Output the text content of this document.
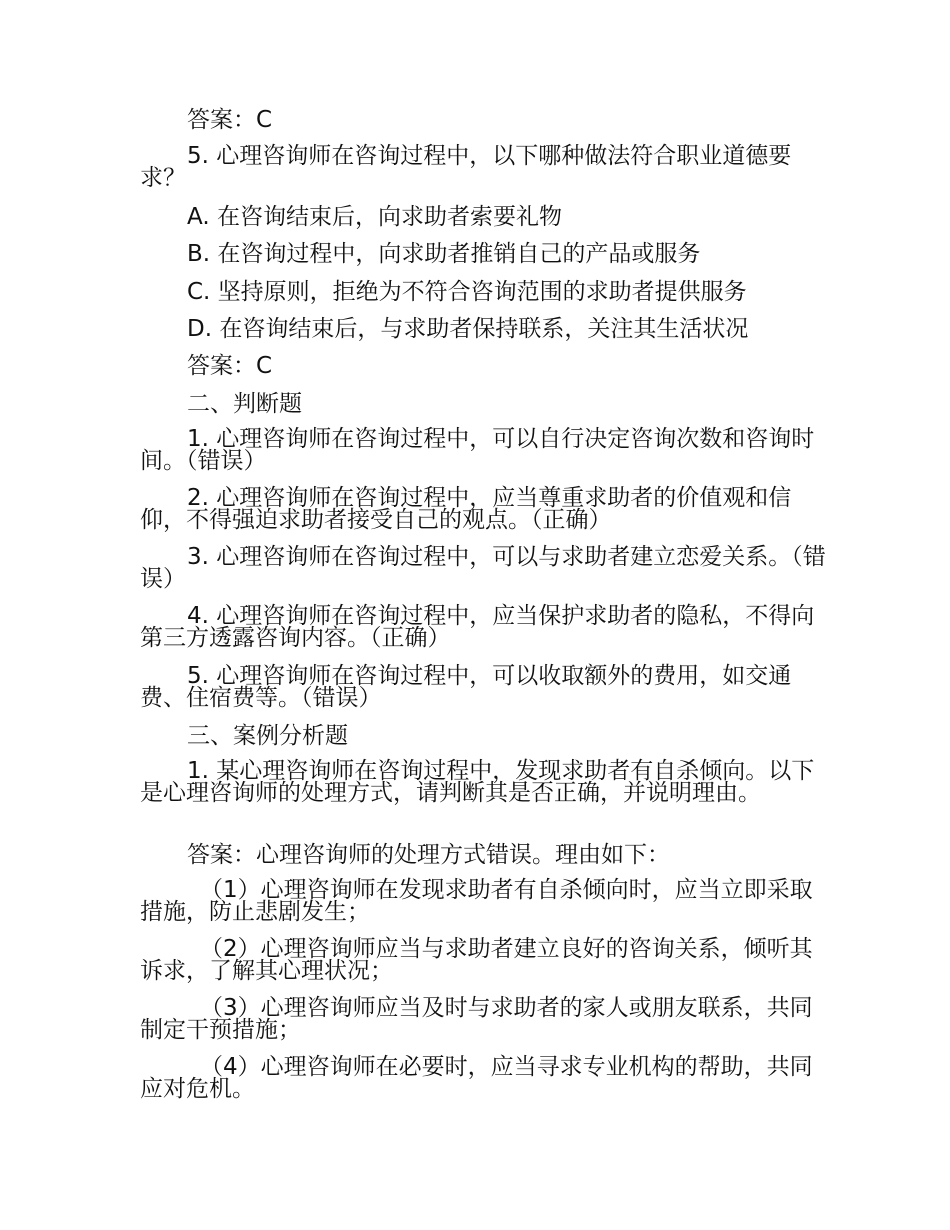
答案：C

5. 心理咨询师在咨询过程中，以下哪种做法符合职业道德要求？

A. 在咨询结束后，向求助者索要礼物

B. 在咨询过程中，向求助者推销自己的产品或服务

C. 坚持原则，拒绝为不符合咨询范围的求助者提供服务

D. 在咨询结束后，与求助者保持联系，关注其生活状况

答案：C

二、判断题

1. 心理咨询师在咨询过程中，可以自行决定咨询次数和咨询时间。（错误）

2. 心理咨询师在咨询过程中，应当尊重求助者的价值观和信仰，不得强迫求助者接受自己的观点。（正确）

3. 心理咨询师在咨询过程中，可以与求助者建立恋爱关系。（错误）

4. 心理咨询师在咨询过程中，应当保护求助者的隐私，不得向第三方透露咨询内容。（正确）

5. 心理咨询师在咨询过程中，可以收取额外的费用，如交通费、住宿费等。（错误）

三、案例分析题

1. 某心理咨询师在咨询过程中，发现求助者有自杀倾向。以下是心理咨询师的处理方式，请判断其是否正确，并说明理由。

答案：心理咨询师的处理方式错误。理由如下：

（1）心理咨询师在发现求助者有自杀倾向时，应当立即采取措施，防止悲剧发生；

（2）心理咨询师应当与求助者建立良好的咨询关系，倾听其诉求，了解其心理状况；

（3）心理咨询师应当及时与求助者的家人或朋友联系，共同制定干预措施；

（4）心理咨询师在必要时，应当寻求专业机构的帮助，共同应对危机。
